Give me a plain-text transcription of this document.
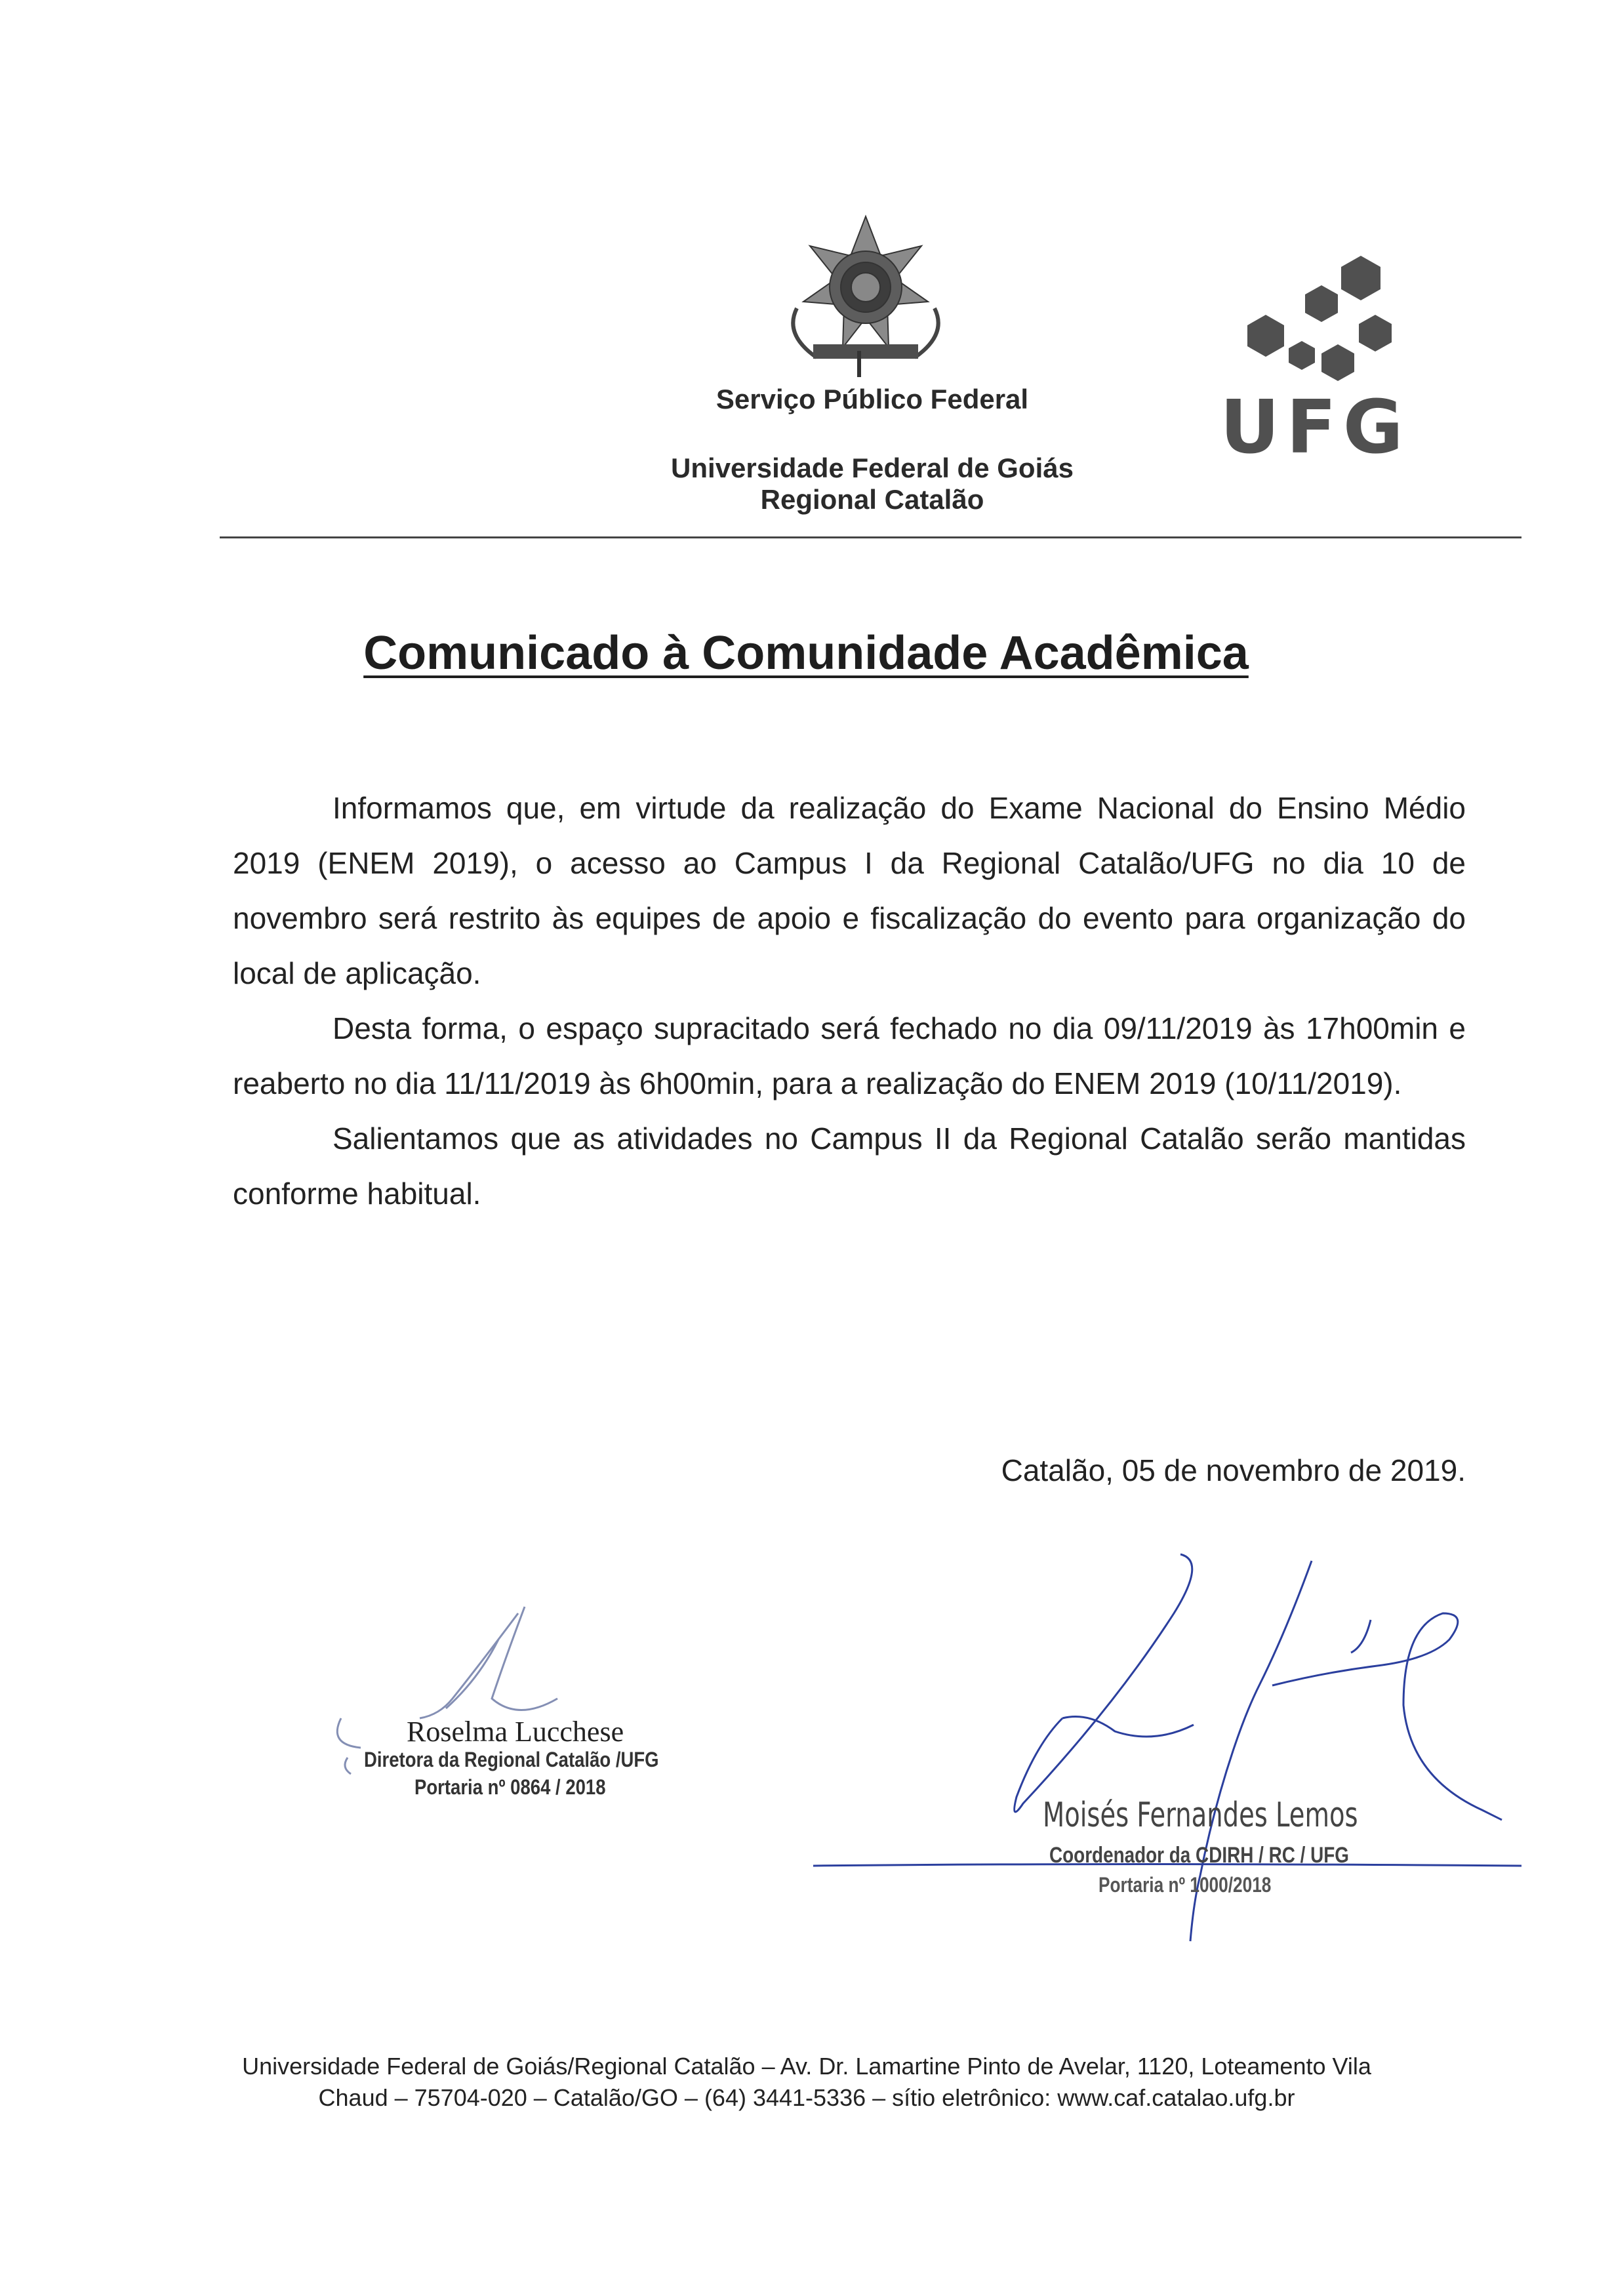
Serviço Público Federal
Universidade Federal de Goiás
Regional Catalão
UFG
Comunicado à Comunidade Acadêmica

Informamos que, em virtude da realização do Exame Nacional do Ensino Médio 2019 (ENEM 2019), o acesso ao Campus I da Regional Catalão/UFG no dia 10 de novembro será restrito às equipes de apoio e fiscalização do evento para organização do local de aplicação.

Desta forma, o espaço supracitado será fechado no dia 09/11/2019 às 17h00min e reaberto no dia 11/11/2019 às 6h00min, para a realização do ENEM 2019 (10/11/2019).

Salientamos que as atividades no Campus II da Regional Catalão serão mantidas conforme habitual.

Catalão, 05 de novembro de 2019.
Roselma Lucchese
Diretora da Regional Catalão /UFG
Portaria nº 0864 / 2018
Moisés Fernandes Lemos
Coordenador da CDIRH / RC / UFG
Portaria nº 1000/2018
Universidade Federal de Goiás/Regional Catalão – Av. Dr. Lamartine Pinto de Avelar, 1120, Loteamento Vila
Chaud – 75704-020 – Catalão/GO – (64) 3441-5336 – sítio eletrônico: www.caf.catalao.ufg.br
